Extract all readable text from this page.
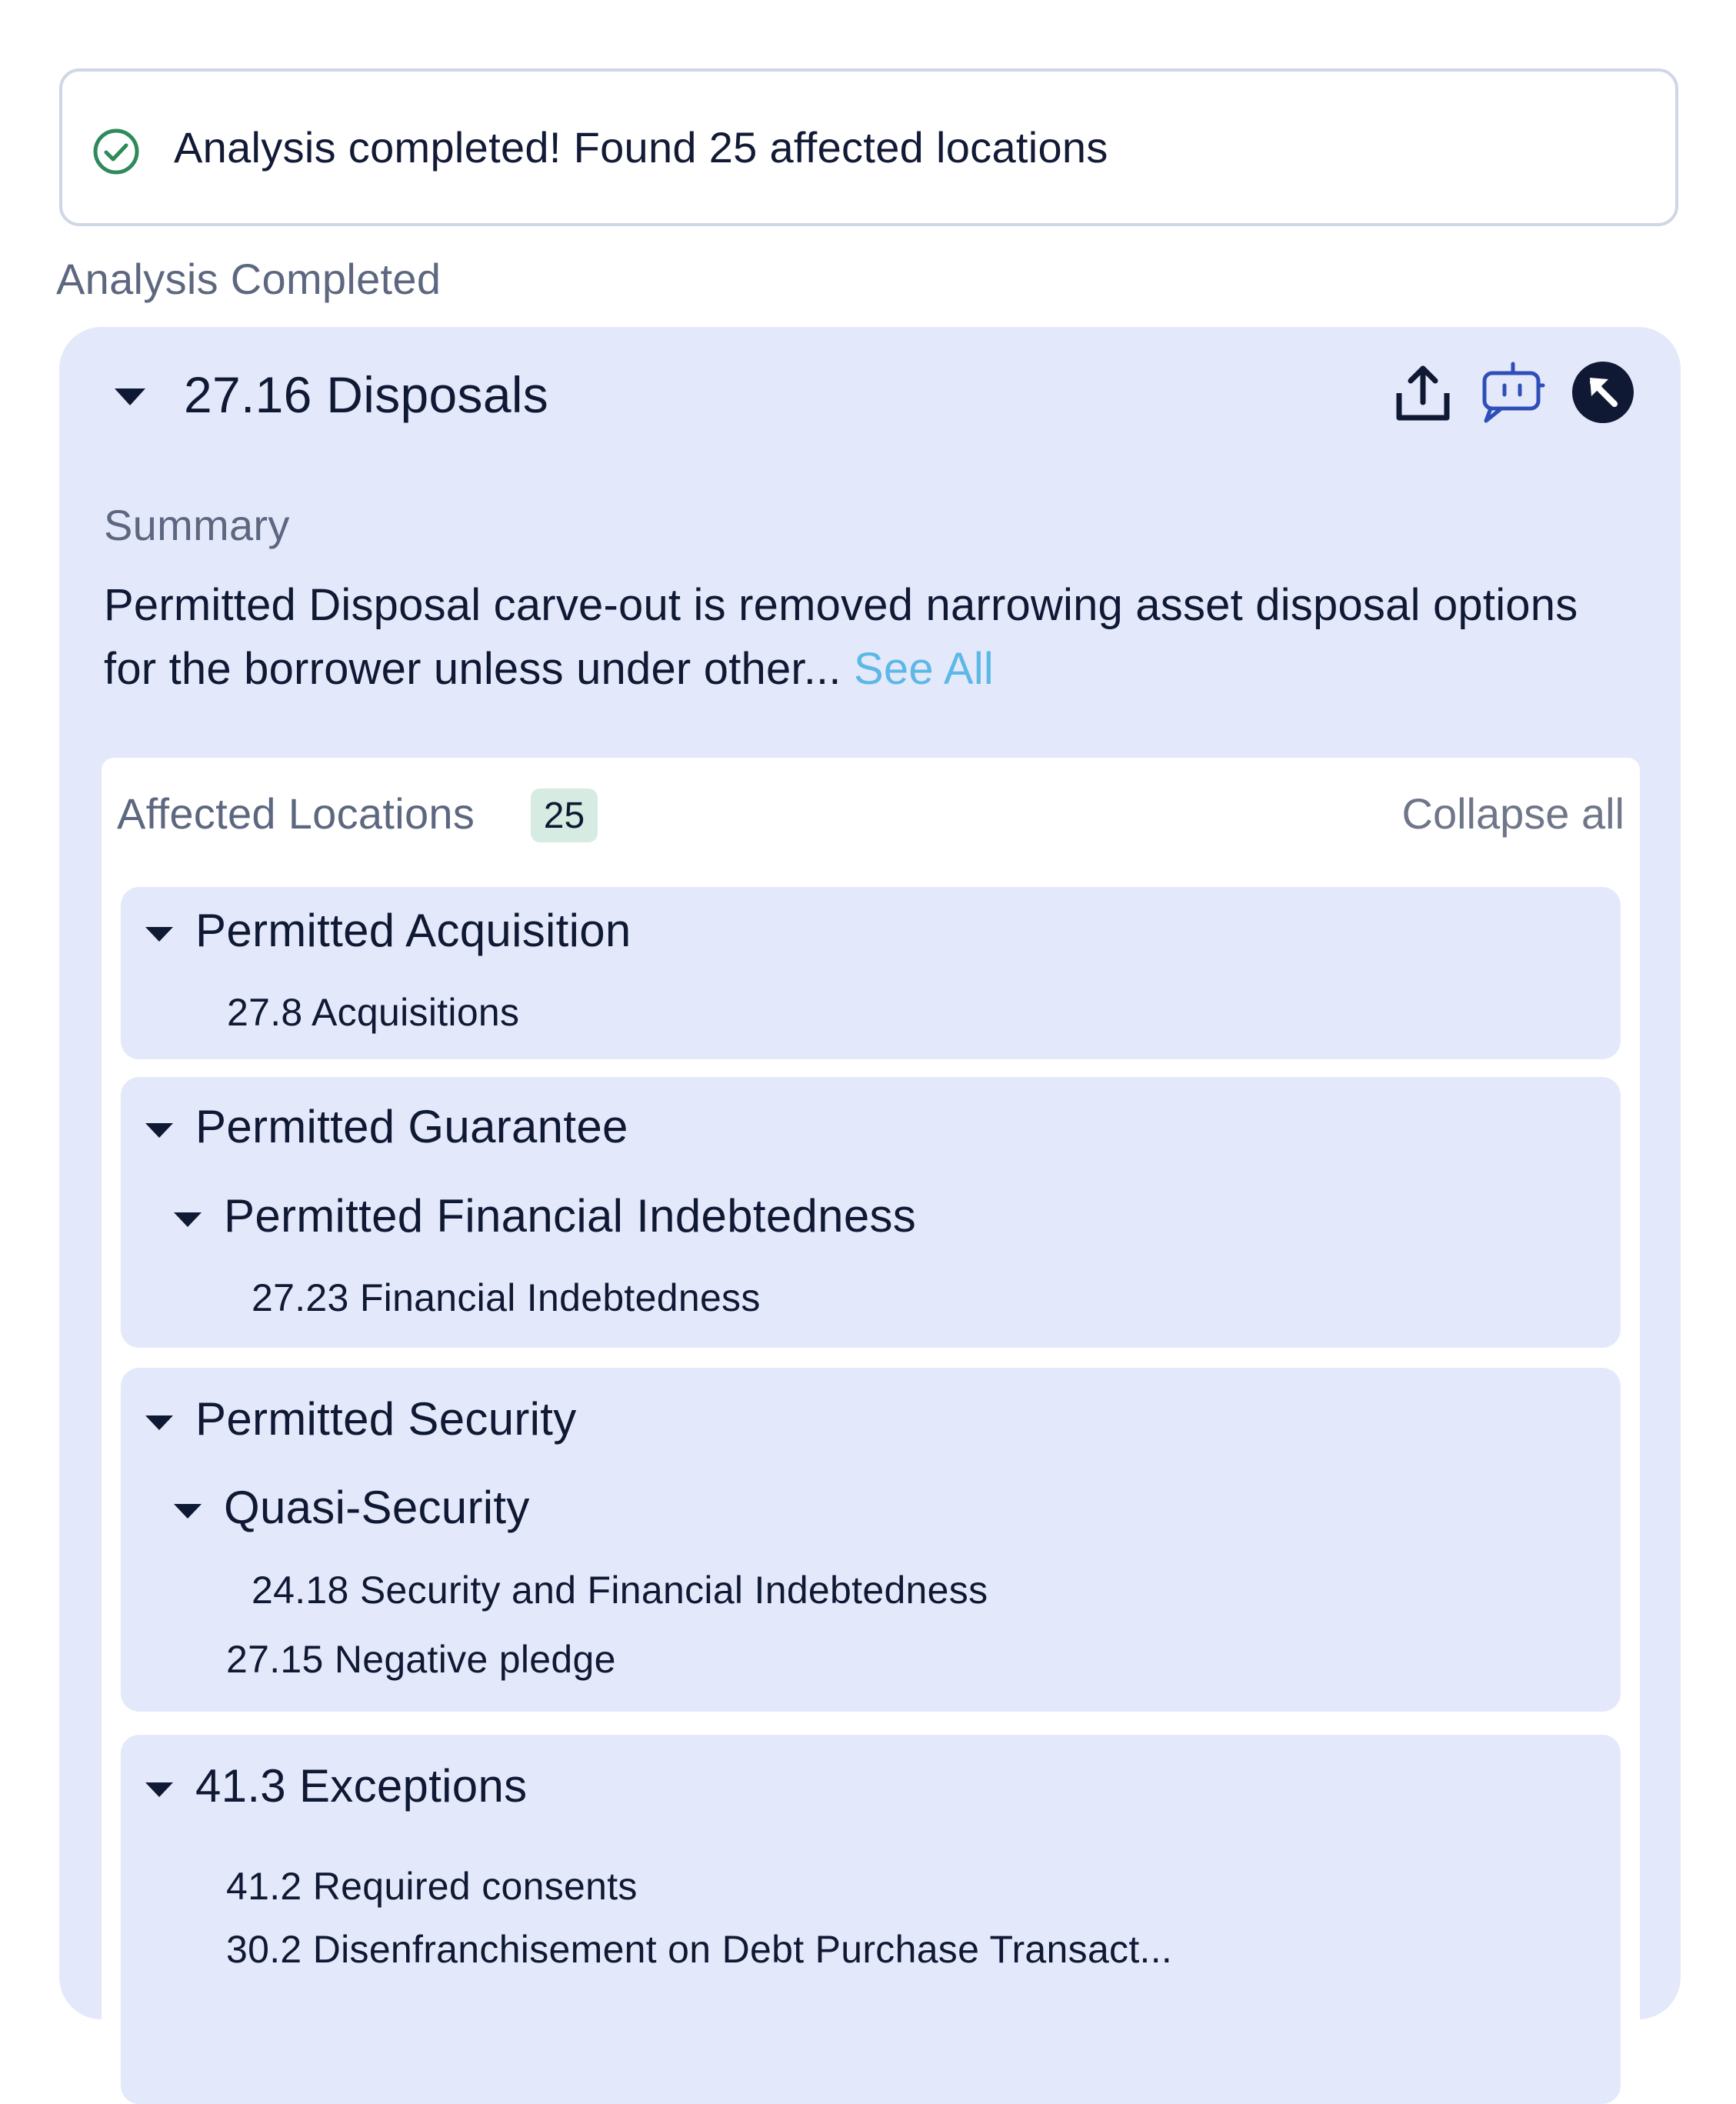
Analysis completed! Found 25 affected locations
Analysis Completed
27.16 Disposals
Summary
Permitted Disposal carve-out is removed narrowing asset disposal options for the borrower unless under other... See All
Affected Locations	25	Collapse all
Permitted Acquisition
27.8 Acquisitions
Permitted Guarantee
Permitted Financial Indebtedness
27.23 Financial Indebtedness
Permitted Security
Quasi-Security
24.18 Security and Financial Indebtedness
27.15 Negative pledge
41.3 Exceptions
41.2 Required consents
30.2 Disenfranchisement on Debt Purchase Transact...
